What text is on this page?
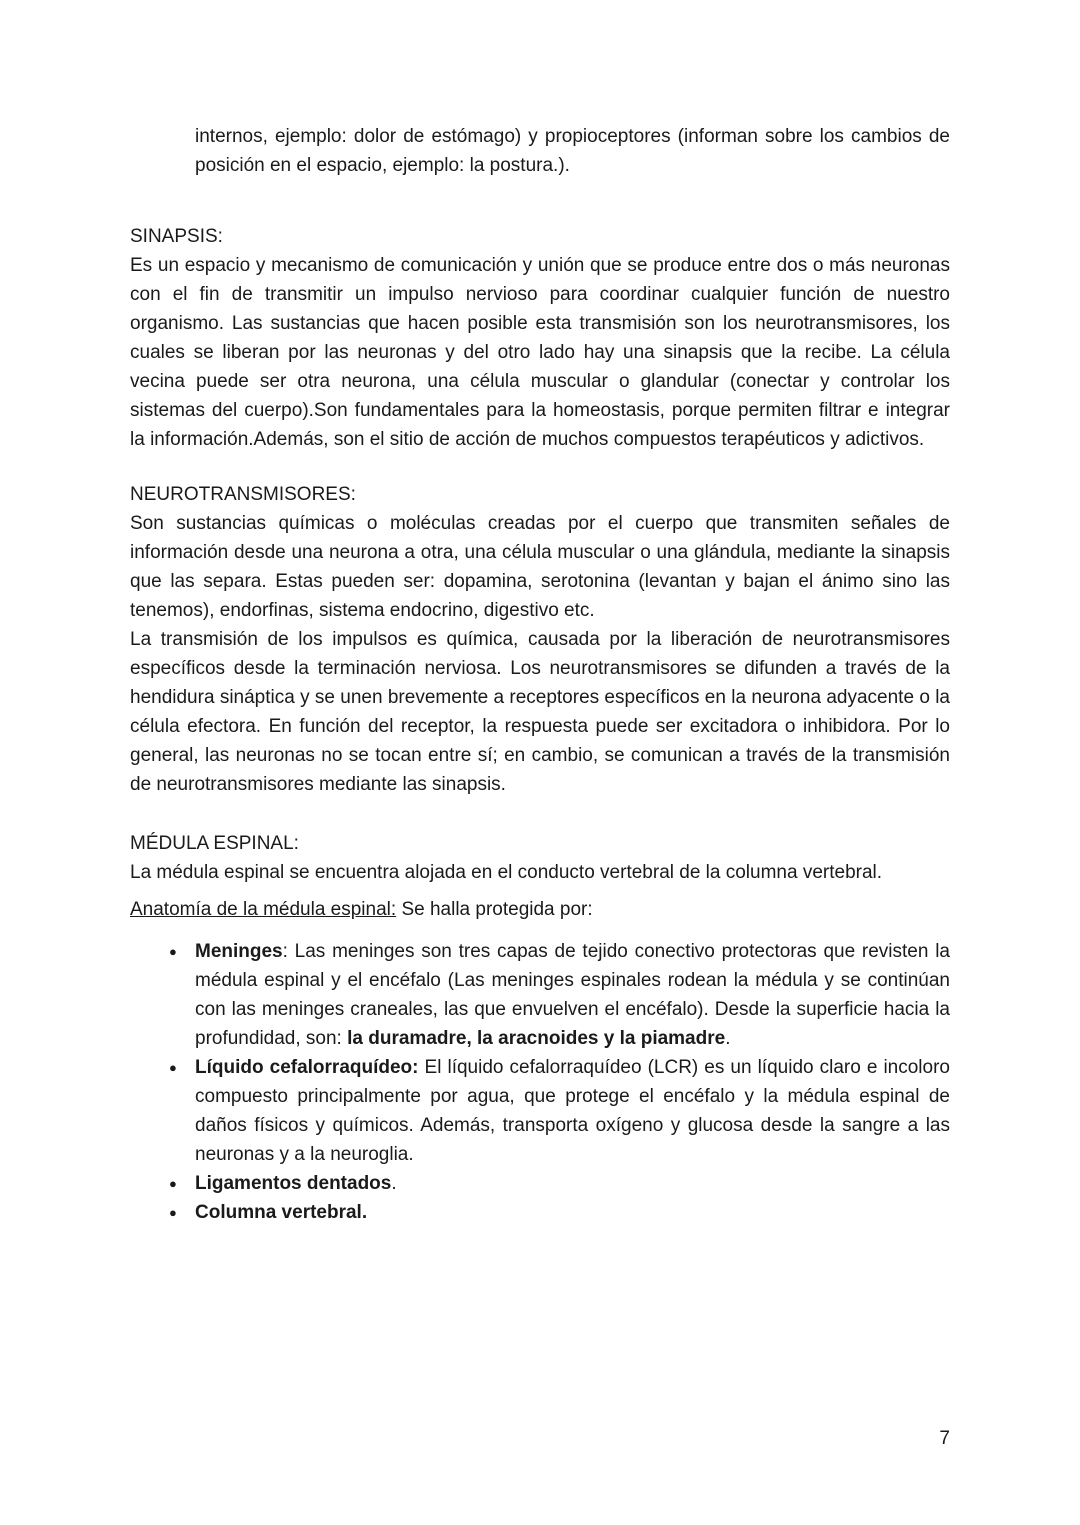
internos, ejemplo: dolor de estómago) y propioceptores (informan sobre los cambios de posición en el espacio, ejemplo: la postura.).

SINAPSIS:

Es un espacio y mecanismo de comunicación y unión que se produce entre dos o más neuronas con el fin de transmitir un impulso nervioso para coordinar cualquier función de nuestro organismo. Las sustancias que hacen posible esta transmisión son los neurotransmisores, los cuales se liberan por las neuronas y del otro lado hay una sinapsis que la recibe. La célula vecina puede ser otra neurona, una célula muscular o glandular (conectar y controlar los sistemas del cuerpo).Son fundamentales para la homeostasis, porque permiten filtrar e integrar la información.Además, son el sitio de acción de muchos compuestos terapéuticos y adictivos.

NEUROTRANSMISORES:

Son sustancias químicas o moléculas creadas por el cuerpo que transmiten señales de información desde una neurona a otra, una célula muscular o una glándula, mediante la sinapsis que las separa. Estas pueden ser: dopamina, serotonina (levantan y bajan el ánimo sino las tenemos), endorfinas, sistema endocrino, digestivo etc.

La transmisión de los impulsos es química, causada por la liberación de neurotransmisores específicos desde la terminación nerviosa. Los neurotransmisores se difunden a través de la hendidura sináptica y se unen brevemente a receptores específicos en la neurona adyacente o la célula efectora. En función del receptor, la respuesta puede ser excitadora o inhibidora. Por lo general, las neuronas no se tocan entre sí; en cambio, se comunican a través de la transmisión de neurotransmisores mediante las sinapsis.

MÉDULA ESPINAL:

La médula espinal se encuentra alojada en el conducto vertebral de la columna vertebral.

Anatomía de la médula espinal: Se halla protegida por:

● Meninges: Las meninges son tres capas de tejido conectivo protectoras que revisten la médula espinal y el encéfalo (Las meninges espinales rodean la médula y se continúan con las meninges craneales, las que envuelven el encéfalo). Desde la superficie hacia la profundidad, son: la duramadre, la aracnoides y la piamadre.
● Líquido cefalorraquídeo: El líquido cefalorraquídeo (LCR) es un líquido claro e incoloro compuesto principalmente por agua, que protege el encéfalo y la médula espinal de daños físicos y químicos. Además, transporta oxígeno y glucosa desde la sangre a las neuronas y a la neuroglia.
● Ligamentos dentados.
● Columna vertebral.
7
